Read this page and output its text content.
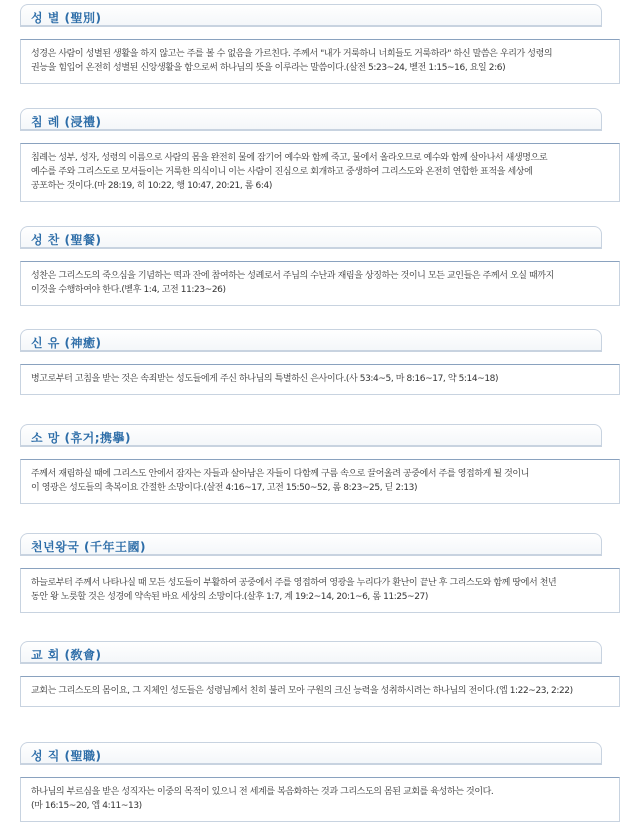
성 별 (聖別)
성경은 사람이 성별된 생활을 하지 않고는 주를 볼 수 없음을 가르친다. 주께서 "내가 거룩하니 너희들도 거룩하라" 하신 말씀은 우리가 성령의
권능을 힘입어 온전히 성별된 신앙생활을 함으로써 하나님의 뜻을 이루라는 말씀이다.(살전 5:23~24, 벧전 1:15~16, 요일 2:6)
침 례 (浸禮)
침례는 성부, 성자, 성령의 이름으로 사람의 몸을 완전히 물에 잠기어 예수와 함께 죽고, 물에서 올라오므로 예수와 함께 살아나서 새생명으로
예수를 주와 그리스도로 모셔들이는 거룩한 의식이니 이는 사람이 진심으로 회개하고 중생하여 그리스도와 온전히 연합한 표적을 세상에
공포하는 것이다.(마 28:19, 히 10:22, 행 10:47, 20:21, 롬 6:4)
성 찬 (聖餐)
성찬은 그리스도의 죽으심을 기념하는 떡과 잔에 참여하는 성례로서 주님의 수난과 재림을 상징하는 것이니 모든 교인들은 주께서 오실 때까지
이것을 수행하여야 한다.(벧후 1:4, 고전 11:23~26)
신 유 (神癒)
병고로부터 고침을 받는 것은 속죄받는 성도들에게 주신 하나님의 특별하신 은사이다.(사 53:4~5, 마 8:16~17, 약 5:14~18)
소 망 (휴거;携擧)
주께서 재림하실 때에 그리스도 안에서 잠자는 자들과 살아남은 자들이 다함께 구름 속으로 끌어올려 공중에서 주를 영접하게 될 것이니
이 영광은 성도들의 축복이요 간절한 소망이다.(살전 4:16~17, 고전 15:50~52, 롬 8:23~25, 딛 2:13)
천년왕국 (千年王國)
하늘로부터 주께서 나타나실 때 모든 성도들이 부활하여 공중에서 주를 영접하여 영광을 누리다가 환난이 끝난 후 그리스도와 함께 땅에서 천년
동안 왕 노릇할 것은 성경에 약속된 바요 세상의 소망이다.(살후 1:7, 계 19:2~14, 20:1~6, 롬 11:25~27)
교 회 (敎會)
교회는 그리스도의 몸이요, 그 지체인 성도들은 성령님께서 친히 불러 모아 구원의 크신 능력을 성취하시려는 하나님의 전이다.(엡 1:22~23, 2:22)
성 직 (聖職)
하나님의 부르심을 받은 성직자는 이중의 목적이 있으니 전 세계를 복음화하는 것과 그리스도의 몸된 교회를 육성하는 것이다.
(마 16:15~20, 엡 4:11~13)
